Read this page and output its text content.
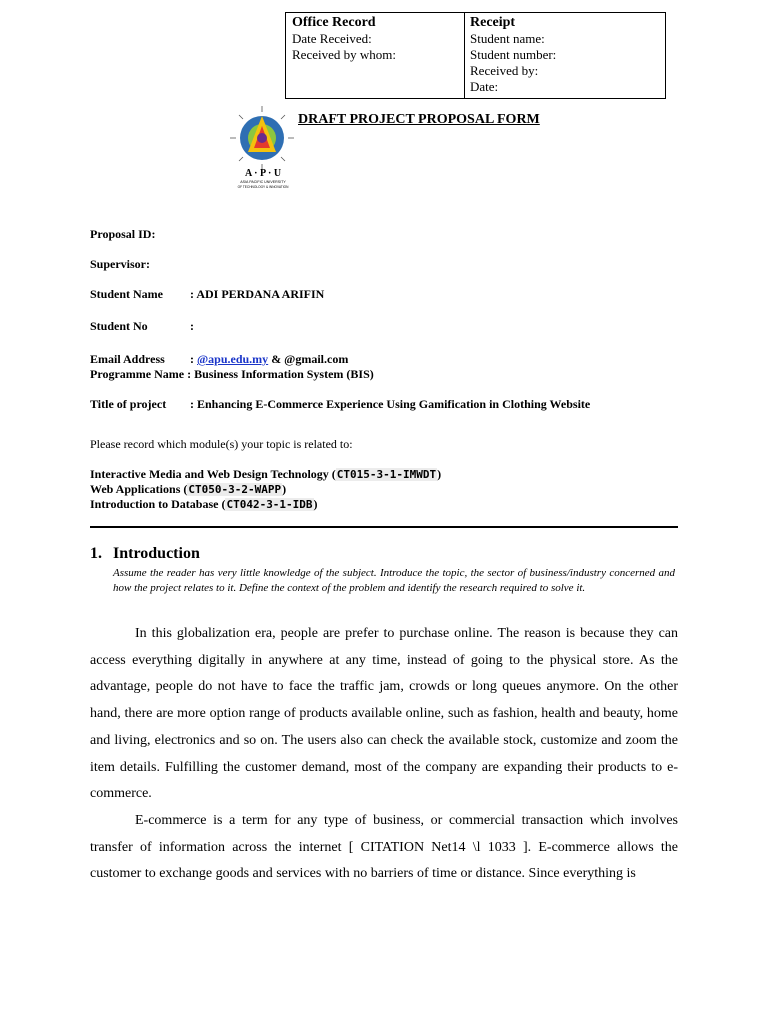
Office Record
Date Received:
Received by whom:
Receipt
Student name:
Student number:
Received by:
Date:
A · P · U
ASIA PACIFIC UNIVERSITY
OF TECHNOLOGY & INNOVATION
DRAFT PROJECT PROPOSAL FORM
Proposal ID:
Supervisor:
Student Name : ADI PERDANA ARIFIN
Student No	:
Email Address : @apu.edu.my & @gmail.com
Programme Name : Business Information System (BIS)
Title of project : Enhancing E-Commerce Experience Using Gamification in Clothing Website
Please record which module(s) your topic is related to:
Interactive Media and Web Design Technology (CT015-3-1-IMWDT)
Web Applications (CT050-3-2-WAPP)
Introduction to Database (CT042-3-1-IDB)
1. Introduction
Assume the reader has very little knowledge of the subject. Introduce the topic, the sector of business/industry concerned and how the project relates to it. Define the context of the problem and identify the research required to solve it.
In this globalization era, people are prefer to purchase online. The reason is because they can access everything digitally in anywhere at any time, instead of going to the physical store. As the advantage, people do not have to face the traffic jam, crowds or long queues anymore. On the other hand, there are more option range of products available online, such as fashion, health and beauty, home and living, electronics and so on. The users also can check the available stock, customize and zoom the item details. Fulfilling the customer demand, most of the company are expanding their products to e-commerce.
E-commerce is a term for any type of business, or commercial transaction which involves transfer of information across the internet [ CITATION Net14 \l 1033 ]. E-commerce allows the customer to exchange goods and services with no barriers of time or distance. Since everything is
